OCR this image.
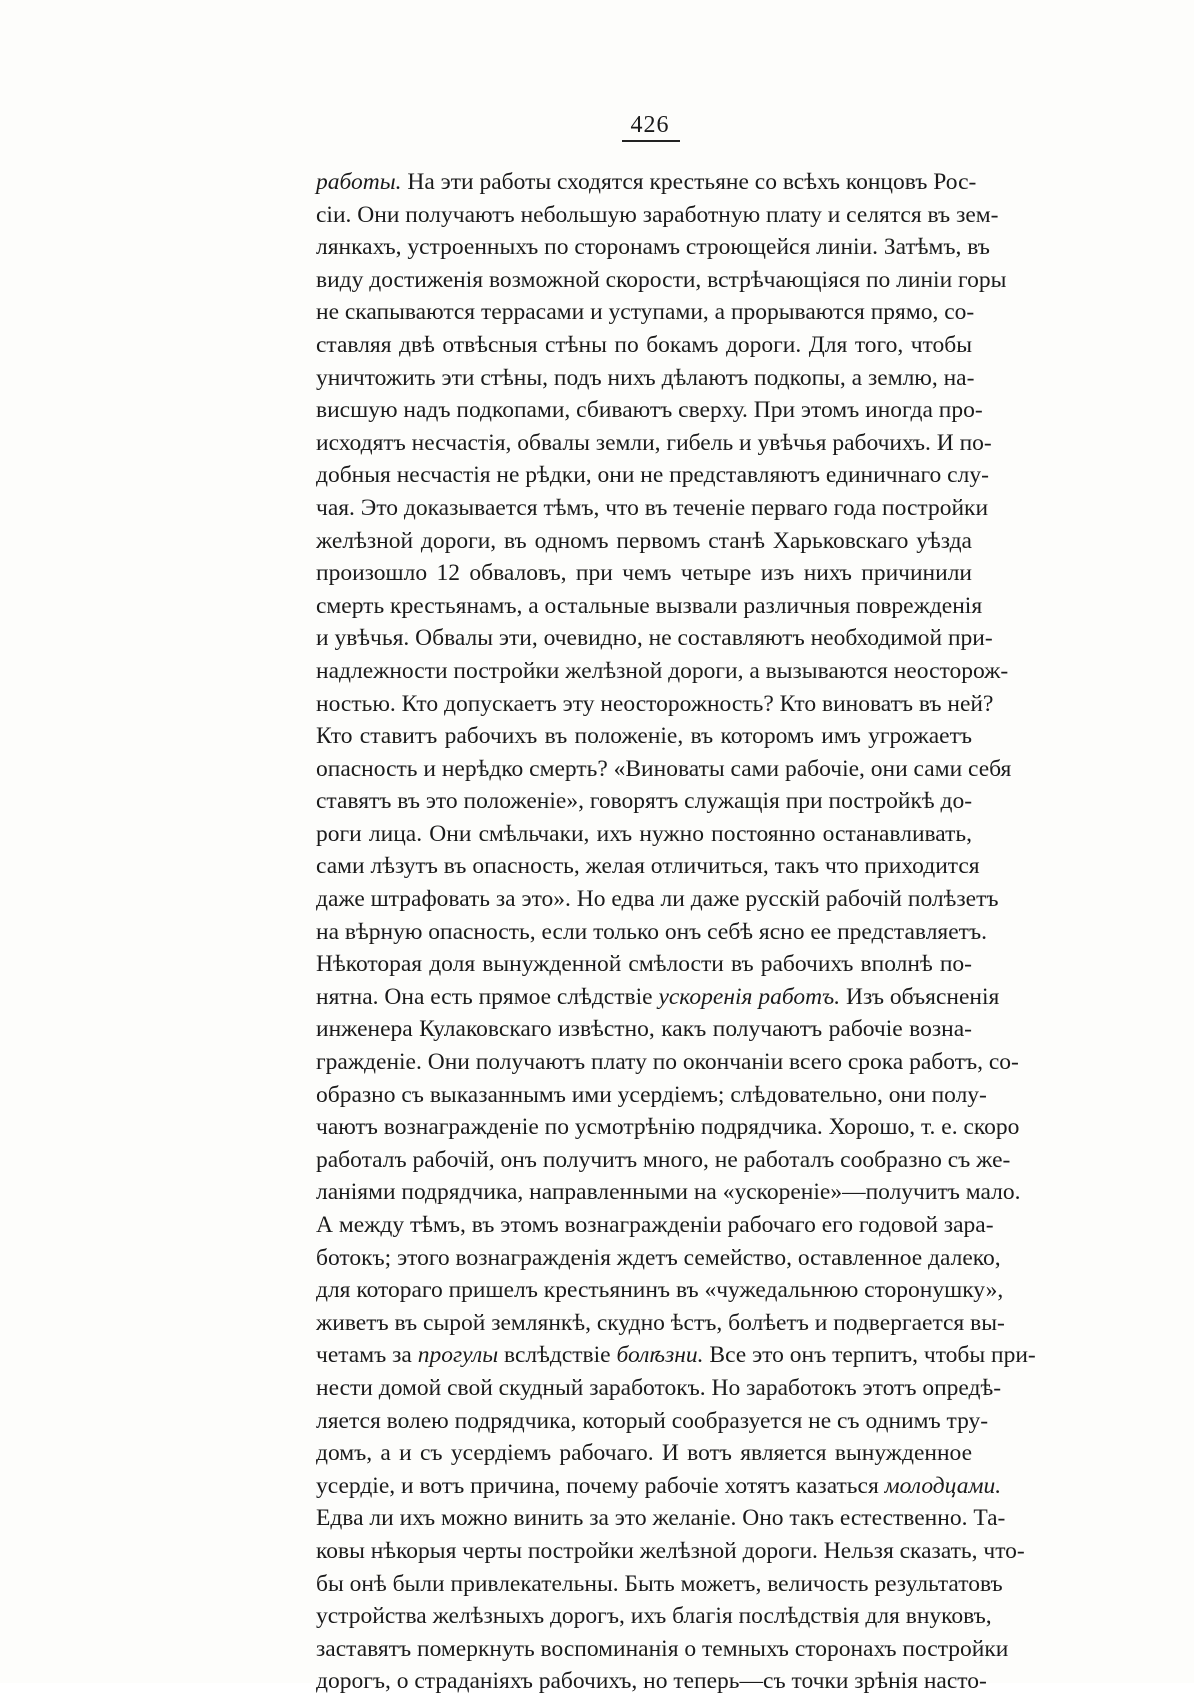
426
работы. На эти работы сходятся крестьяне со всѣхъ концовъ Рос-
сіи. Они получаютъ небольшую заработную плату и селятся въ зем-
лянкахъ, устроенныхъ по сторонамъ строющейся линіи. Затѣмъ, въ
виду достиженія возможной скорости, встрѣчающіяся по линіи горы
не скапываются террасами и уступами, а прорываются прямо, со-
ставляя двѣ отвѣсныя стѣны по бокамъ дороги. Для того, чтобы
уничтожить эти стѣны, подъ нихъ дѣлаютъ подкопы, а землю, на-
висшую надъ подкопами, сбиваютъ сверху. При этомъ иногда про-
исходятъ несчастія, обвалы земли, гибель и увѣчья рабочихъ. И по-
добныя несчастія не рѣдки, они не представляютъ единичнаго слу-
чая. Это доказывается тѣмъ, что въ теченіе перваго года постройки
желѣзной дороги, въ одномъ первомъ станѣ Харьковскаго уѣзда
произошло 12 обваловъ, при чемъ четыре изъ нихъ причинили
смерть крестьянамъ, а остальные вызвали различныя поврежденія
и увѣчья. Обвалы эти, очевидно, не составляютъ необходимой при-
надлежности постройки желѣзной дороги, а вызываются неосторож-
ностью. Кто допускаетъ эту неосторожность? Кто виноватъ въ ней?
Кто ставитъ рабочихъ въ положеніе, въ которомъ имъ угрожаетъ
опасность и нерѣдко смерть? «Виноваты сами рабочіе, они сами себя
ставятъ въ это положеніе», говорятъ служащія при постройкѣ до-
роги лица. Они смѣльчаки, ихъ нужно постоянно останавливать,
сами лѣзутъ въ опасность, желая отличиться, такъ что приходится
даже штрафовать за это». Но едва ли даже русскій рабочій полѣзетъ
на вѣрную опасность, если только онъ себѣ ясно ее представляетъ.
Нѣкоторая доля вынужденной смѣлости въ рабочихъ вполнѣ по-
нятна. Она есть прямое слѣдствіе ускоренія работъ. Изъ объясненія
инженера Кулаковскаго извѣстно, какъ получаютъ рабочіе возна-
гражденіе. Они получаютъ плату по окончаніи всего срока работъ, со-
образно съ выказаннымъ ими усердіемъ; слѣдовательно, они полу-
чаютъ вознагражденіе по усмотрѣнію подрядчика. Хорошо, т. е. скоро
работалъ рабочій, онъ получитъ много, не работалъ сообразно съ же-
ланіями подрядчика, направленными на «ускореніе»—получитъ мало.
А между тѣмъ, въ этомъ вознагражденіи рабочаго его годовой зара-
ботокъ; этого вознагражденія ждетъ семейство, оставленное далеко,
для котораго пришелъ крестьянинъ въ «чужедальнюю сторонушку»,
живетъ въ сырой землянкѣ, скудно ѣстъ, болѣетъ и подвергается вы-
четамъ за прогулы вслѣдствіе болѣзни. Все это онъ терпитъ, чтобы при-
нести домой свой скудный заработокъ. Но заработокъ этотъ опредѣ-
ляется волею подрядчика, который сообразуется не съ однимъ тру-
домъ, а и съ усердіемъ рабочаго. И вотъ является вынужденное
усердіе, и вотъ причина, почему рабочіе хотятъ казаться молодцами.
Едва ли ихъ можно винить за это желаніе. Оно такъ естественно. Та-
ковы нѣкорыя черты постройки желѣзной дороги. Нельзя сказать, что-
бы онѣ были привлекательны. Быть можетъ, величость результатовъ
устройства желѣзныхъ дорогъ, ихъ благія послѣдствія для внуковъ,
заставятъ померкнуть воспоминанія о темныхъ сторонахъ постройки
дорогъ, о страданіяхъ рабочихъ, но теперь—съ точки зрѣнія насто-
